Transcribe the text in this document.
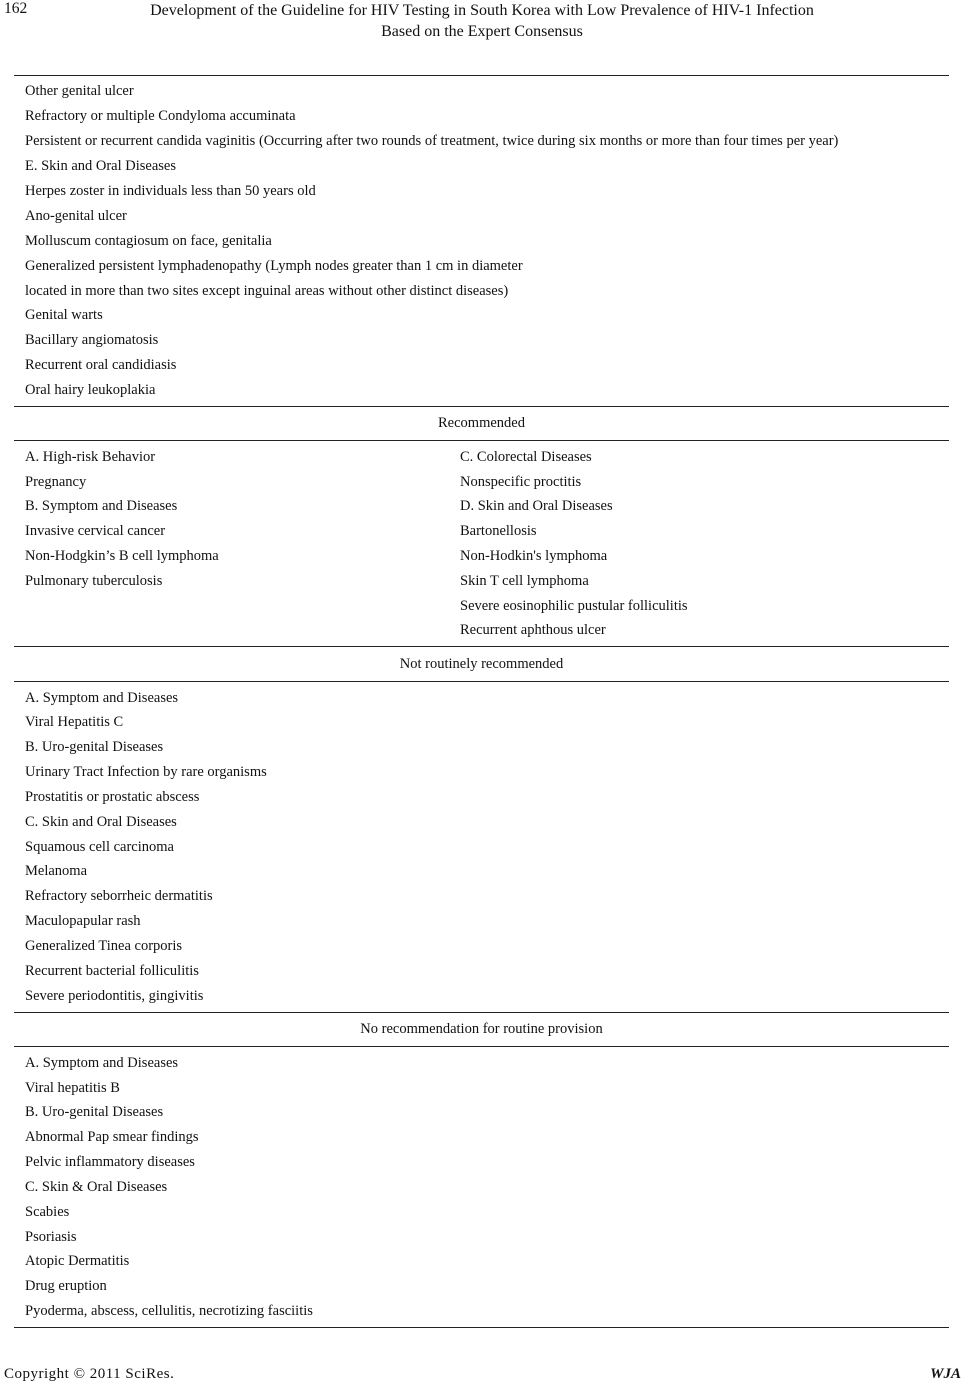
162	Development of the Guideline for HIV Testing in South Korea with Low Prevalence of HIV-1 Infection
Based on the Expert Consensus
Other genital ulcer
Refractory or multiple Condyloma accuminata
Persistent or recurrent candida vaginitis (Occurring after two rounds of treatment, twice during six months or more than four times per year)
E. Skin and Oral Diseases
Herpes zoster in individuals less than 50 years old
Ano-genital ulcer
Molluscum contagiosum on face, genitalia
Generalized persistent lymphadenopathy (Lymph nodes greater than 1 cm in diameter
located in more than two sites except inguinal areas without other distinct diseases)
Genital warts
Bacillary angiomatosis
Recurrent oral candidiasis
Oral hairy leukoplakia
Recommended
A. High-risk Behavior
Pregnancy
B. Symptom and Diseases
Invasive cervical cancer
Non-Hodgkin’s B cell lymphoma
Pulmonary tuberculosis
C. Colorectal Diseases
Nonspecific proctitis
D. Skin and Oral Diseases
Bartonellosis
Non-Hodkin's lymphoma
Skin T cell lymphoma
Severe eosinophilic pustular folliculitis
Recurrent aphthous ulcer
Not routinely recommended
A. Symptom and Diseases
Viral Hepatitis C
B. Uro-genital Diseases
Urinary Tract Infection by rare organisms
Prostatitis or prostatic abscess
C. Skin and Oral Diseases
Squamous cell carcinoma
Melanoma
Refractory seborrheic dermatitis
Maculopapular rash
Generalized Tinea corporis
Recurrent bacterial folliculitis
Severe periodontitis, gingivitis
No recommendation for routine provision
A. Symptom and Diseases
Viral hepatitis B
B. Uro-genital Diseases
Abnormal Pap smear findings
Pelvic inflammatory diseases
C. Skin & Oral Diseases
Scabies
Psoriasis
Atopic Dermatitis
Drug eruption
Pyoderma, abscess, cellulitis, necrotizing fasciitis
Copyright © 2011 SciRes.	WJA
